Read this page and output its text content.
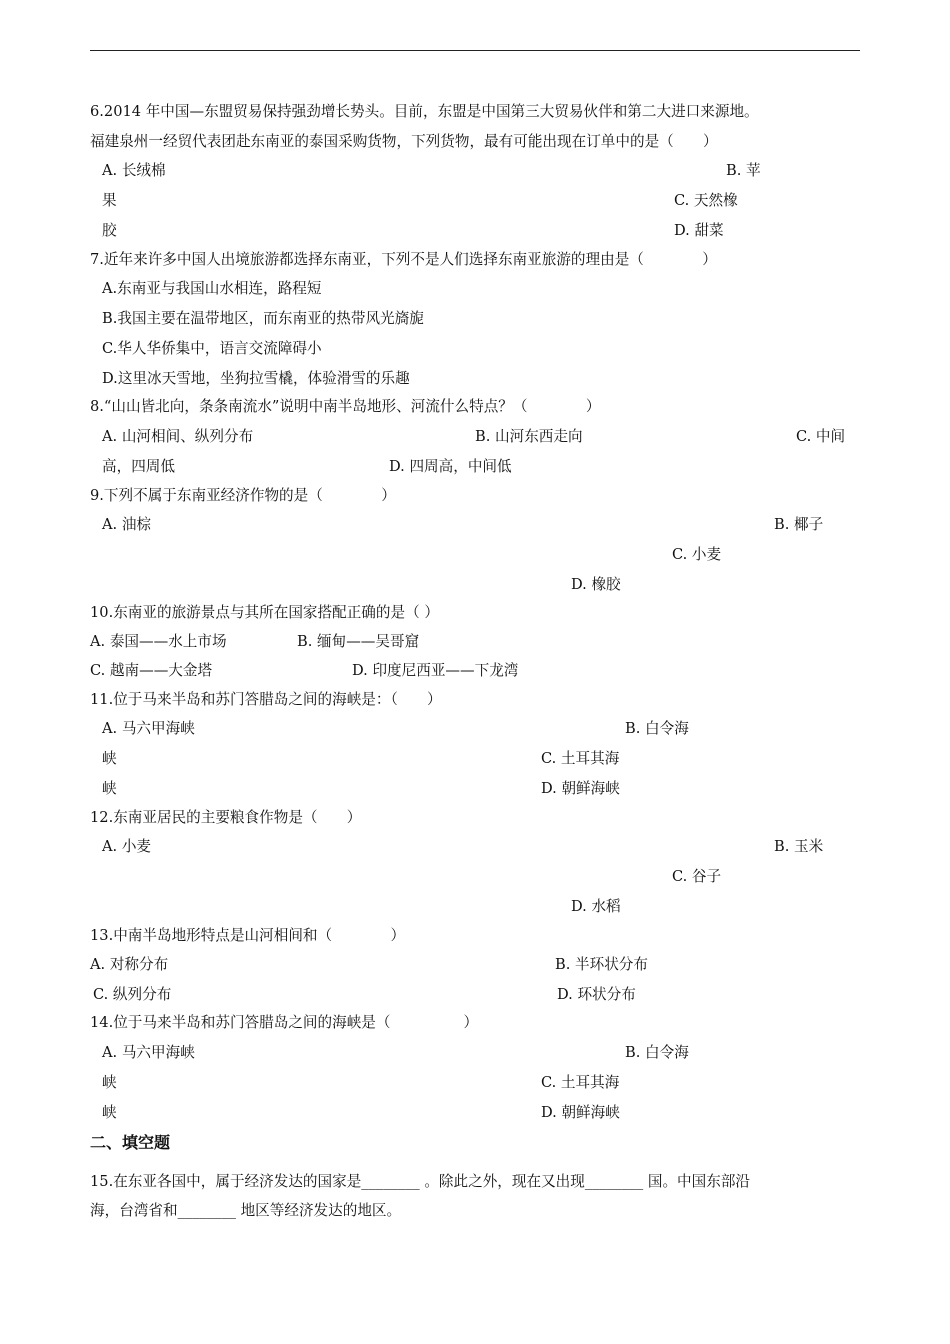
6.2014 年中国—东盟贸易保持强劲增长势头。目前，东盟是中国第三大贸易伙伴和第二大进口来源地。
福建泉州一经贸代表团赴东南亚的泰国采购货物，下列货物，最有可能出现在订单中的是（　　）
A. 长绒棉	B. 苹
果	C. 天然橡
胶	D. 甜菜
7.近年来许多中国人出境旅游都选择东南亚，下列不是人们选择东南亚旅游的理由是（　　　　）
A.东南亚与我国山水相连，路程短
B.我国主要在温带地区，而东南亚的热带风光旖旎
C.华人华侨集中，语言交流障碍小
D.这里冰天雪地，坐狗拉雪橇，体验滑雪的乐趣
8.“山山皆北向，条条南流水”说明中南半岛地形、河流什么特点？（　　　　）
A. 山河相间、纵列分布	B. 山河东西走向	C. 中间
高，四周低	D. 四周高，中间低
9.下列不属于东南亚经济作物的是（　　　　）
A. 油棕	B. 椰子
C. 小麦
D. 橡胶
10.东南亚的旅游景点与其所在国家搭配正确的是（ ）
A. 泰国——水上市场	B. 缅甸——吴哥窟
C. 越南——大金塔	D. 印度尼西亚——下龙湾
11.位于马来半岛和苏门答腊岛之间的海峡是：（　　）
A. 马六甲海峡	B. 白令海
峡	C. 土耳其海
峡	D. 朝鲜海峡
12.东南亚居民的主要粮食作物是（　　）
A. 小麦	B. 玉米
C. 谷子
D. 水稻
13.中南半岛地形特点是山河相间和（　　　　）
A. 对称分布	B. 半环状分布
C. 纵列分布	D. 环状分布
14.位于马来半岛和苏门答腊岛之间的海峡是（　　　　　）
A. 马六甲海峡	B. 白令海
峡	C. 土耳其海
峡	D. 朝鲜海峡
二、填空题
15.在东亚各国中，属于经济发达的国家是________ 。除此之外，现在又出现________ 国。中国东部沿
海，台湾省和________ 地区等经济发达的地区。
